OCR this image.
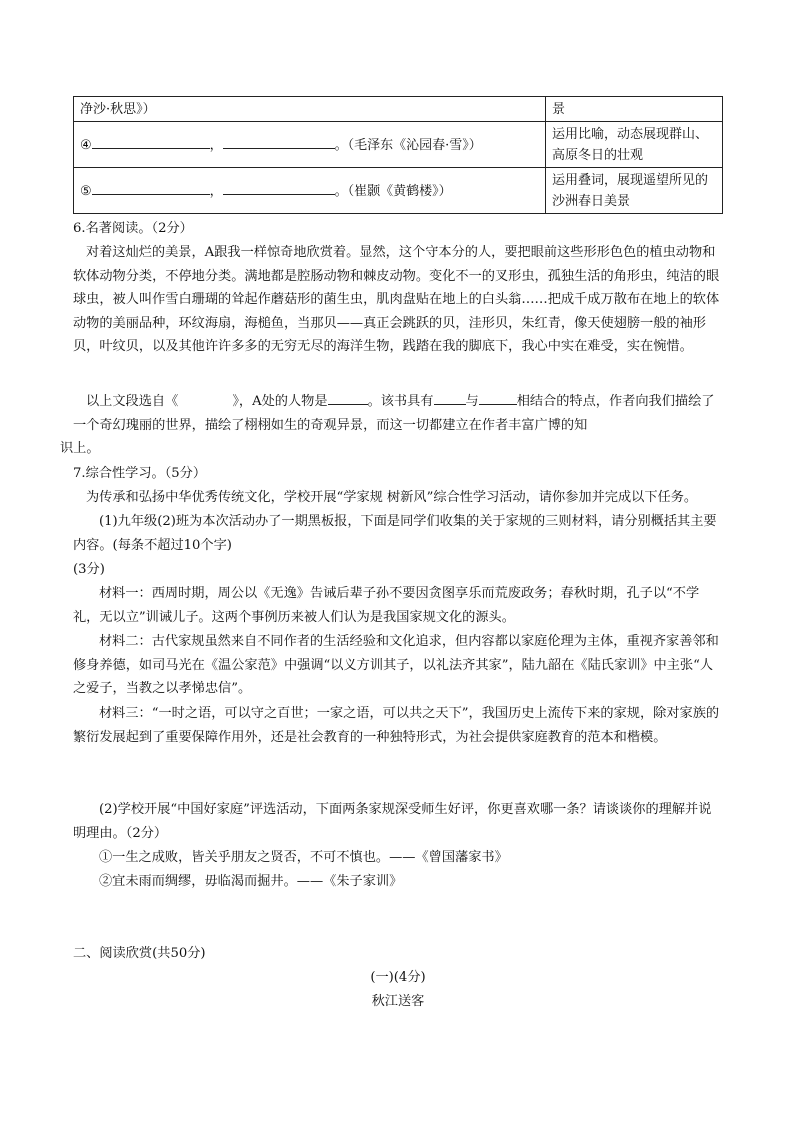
净沙·秋思》）	景
④ ， 。（毛泽东《沁园春·雪》）	运用比喻，动态展现群山、高原冬日的壮观
⑤ ， 。（崔颢《黄鹤楼》）	运用叠词，展现遥望所见的沙洲春日美景

6.名著阅读。（2分）

对着这灿烂的美景，A跟我一样惊奇地欣赏着。显然，这个守本分的人，要把眼前这些形形色色的植虫动物和软体动物分类，不停地分类。满地都是腔肠动物和棘皮动物。变化不一的叉形虫，孤独生活的角形虫，纯洁的眼球虫，被人叫作雪白珊瑚的耸起作蘑菇形的菌生虫，肌肉盘贴在地上的白头翁……把成千成万散布在地上的软体动物的美丽品种，环纹海扇，海槌鱼，当那贝——真正会跳跃的贝，洼形贝，朱红青，像天使翅膀一般的袖形贝，叶纹贝，以及其他许许多多的无穷无尽的海洋生物，践踏在我的脚底下，我心中实在难受，实在惋惜。

以上文段选自《	》，A处的人物是	。该书具有 与	相结合的特点，作者向我们描绘了一个奇幻瑰丽的世界，描绘了栩栩如生的奇观异景，而这一切都建立在作者丰富广博的知
识上。

7.综合性学习。（5分）

为传承和弘扬中华优秀传统文化，学校开展“学家规 树新风”综合性学习活动，请你参加并完成以下任务。

(1)九年级(2)班为本次活动办了一期黑板报，下面是同学们收集的关于家规的三则材料，请分别概括其主要内容。(每条不超过10个字)

(3分)

材料一：西周时期，周公以《无逸》告诫后辈子孙不要因贪图享乐而荒废政务；春秋时期，孔子以“不学礼，无以立”训诫儿子。这两个事例历来被人们认为是我国家规文化的源头。

材料二：古代家规虽然来自不同作者的生活经验和文化追求，但内容都以家庭伦理为主体，重视齐家善邻和修身养德，如司马光在《温公家范》中强调“以义方训其子，以礼法齐其家”，陆九韶在《陆氏家训》中主张“人之爱子，当教之以孝悌忠信”。

材料三：“一时之语，可以守之百世；一家之语，可以共之天下”，我国历史上流传下来的家规，除对家族的繁衍发展起到了重要保障作用外，还是社会教育的一种独特形式，为社会提供家庭教育的范本和楷模。

(2)学校开展“中国好家庭”评选活动，下面两条家规深受师生好评，你更喜欢哪一条？请谈谈你的理解并说明理由。（2分）

①一生之成败，皆关乎朋友之贤否，不可不慎也。——《曾国藩家书》

②宜未雨而绸缪，毋临渴而掘井。——《朱子家训》

二、阅读欣赏(共50分)

(一)(4分)

秋江送客
